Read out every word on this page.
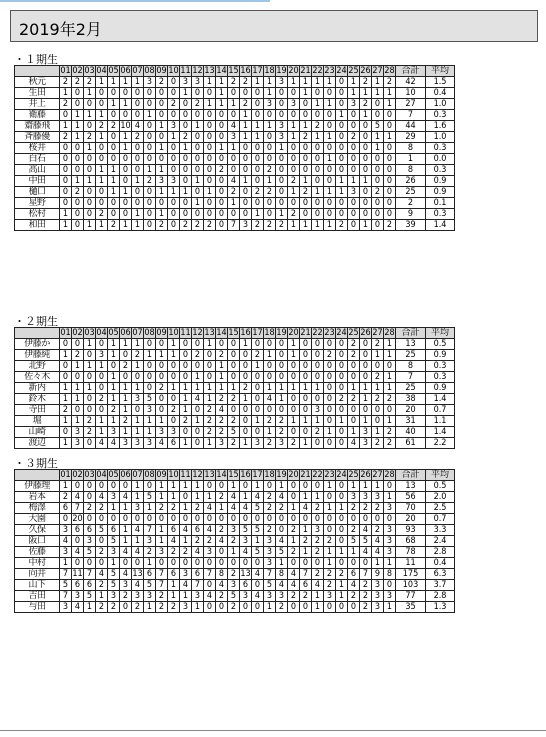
2019年2月
・１期生
	01	02	03	04	05	06	07	08	09	10	11	12	13	14	15	16	17	18	19	20	21	22	23	24	25	26	27	28	合計	平均
秋元	2	2	2	1	1	1	1	3	2	0	3	3	1	1	2	2	1	1	3	1	1	1	1	0	1	2	1	2	42	1.5
生田	1	0	1	0	0	0	0	0	0	0	1	0	0	1	0	0	0	1	0	0	1	0	0	0	1	1	1	1	10	0.4
井上	2	0	0	0	1	1	0	0	0	2	0	2	1	1	1	2	0	3	0	3	0	1	1	0	3	2	0	1	27	1.0
衛藤	0	1	1	1	0	0	0	1	0	0	0	0	0	0	0	1	0	0	0	0	0	0	0	1	0	1	0	0	7	0.3
齋藤飛	1	1	0	2	2	10	4	0	1	3	0	1	0	0	4	1	1	1	3	1	1	2	0	0	0	0	5	0	44	1.6
斉藤優	2	1	2	1	0	1	2	0	0	1	2	0	0	0	3	1	1	0	3	1	2	1	1	0	2	0	1	1	29	1.0
桜井	0	0	1	0	0	1	0	0	1	0	1	0	0	1	1	0	0	0	1	0	0	0	0	0	0	0	1	0	8	0.3
白石	0	0	0	0	0	0	0	0	0	0	0	0	0	0	0	0	0	0	0	0	0	0	1	0	0	0	0	0	1	0.0
高山	0	0	0	1	1	0	0	1	1	0	0	0	0	2	0	0	0	2	0	0	0	0	0	0	0	0	0	0	8	0.3
中田	0	1	1	1	1	0	1	2	3	3	0	1	0	0	4	1	0	1	0	2	1	0	0	1	1	1	0	0	26	0.9
樋口	0	2	0	0	1	1	0	0	1	1	1	0	1	0	2	0	2	2	0	1	2	1	1	1	3	0	2	0	25	0.9
星野	0	0	0	0	0	0	0	0	0	0	0	1	0	0	1	0	0	0	0	0	0	0	0	0	0	0	0	0	2	0.1
松村	1	0	0	2	0	0	1	0	1	0	0	0	0	0	0	0	1	0	1	2	0	0	0	0	0	0	0	0	9	0.3
和田	1	0	1	1	2	1	1	0	2	0	2	2	2	0	7	3	2	2	2	1	1	1	1	2	0	1	0	2	39	1.4
・２期生
	01	02	03	04	05	06	07	08	09	10	11	12	13	14	15	16	17	18	19	20	21	22	23	24	25	26	27	28	合計	平均
伊藤か	0	0	1	0	1	1	1	0	0	1	0	0	1	0	0	1	0	0	0	1	0	0	0	0	2	0	2	1	13	0.5
伊藤純	1	2	0	3	1	0	2	1	1	1	0	2	0	2	0	0	2	1	0	1	0	0	2	0	2	0	1	1	25	0.9
北野	0	1	1	1	0	2	1	0	0	0	0	0	0	1	0	0	1	0	0	0	0	0	0	0	0	0	0	0	8	0.3
佐々木	0	0	0	0	1	0	0	0	0	0	0	1	0	1	0	0	0	0	0	0	0	0	0	0	0	0	2	1	7	0.3
新内	1	1	1	0	1	1	1	0	2	1	1	1	1	1	1	2	0	1	1	1	1	1	0	0	1	1	1	1	25	0.9
鈴木	1	1	0	2	1	1	3	5	0	0	1	4	1	2	2	1	0	4	1	0	0	0	0	2	2	1	2	2	38	1.4
寺田	2	0	0	0	2	1	0	3	0	2	1	0	2	4	0	0	0	0	0	0	0	3	0	0	0	0	0	0	20	0.7
堀	1	1	2	1	1	2	1	1	1	0	2	1	2	2	2	0	1	2	2	1	1	1	0	1	0	1	0	1	31	1.1
山崎	0	3	2	1	3	1	1	1	3	3	0	0	2	2	5	0	0	1	2	0	0	2	1	0	1	3	1	2	40	1.4
渡辺	1	3	0	4	4	3	3	3	4	6	1	0	1	3	2	1	3	2	3	2	1	0	0	0	4	3	2	2	61	2.2
・３期生
	01	02	03	04	05	06	07	08	09	10	11	12	13	14	15	16	17	18	19	20	21	22	23	24	25	26	27	28	合計	平均
伊藤理	1	0	0	0	0	0	1	0	1	1	1	1	0	0	1	0	1	0	1	0	0	0	1	0	1	1	1	0	13	0.5
岩本	2	4	0	4	3	4	1	5	1	1	0	1	1	2	4	1	4	2	4	0	1	1	0	0	3	3	3	1	56	2.0
梅澤	6	7	2	2	1	1	3	1	2	2	1	2	4	1	4	4	5	2	2	1	4	2	1	1	2	2	2	3	70	2.5
大園	0	20	0	0	0	0	0	0	0	0	0	0	0	0	0	0	0	0	0	0	0	0	0	0	0	0	0	0	20	0.7
久保	3	6	6	5	6	1	4	7	1	6	4	6	4	2	3	5	5	2	0	2	1	3	0	0	2	4	2	3	93	3.3
阪口	4	0	3	0	5	1	1	3	1	4	1	2	2	4	2	3	1	3	4	1	2	2	2	0	5	5	4	3	68	2.4
佐藤	3	4	5	2	3	4	4	2	3	2	2	4	3	0	1	4	5	3	5	2	1	2	1	1	1	4	4	3	78	2.8
中村	1	0	0	0	1	0	0	1	0	0	0	0	0	0	0	0	0	3	1	0	0	0	1	0	0	0	1	1	11	0.4
向井	7	11	7	4	5	4	13	6	7	6	3	6	7	8	2	13	4	7	8	4	7	2	2	2	6	7	9	8	175	6.3
山下	5	6	6	2	5	3	4	5	7	1	4	7	0	4	3	6	0	5	4	4	6	4	2	1	4	2	3	0	103	3.7
吉田	7	3	5	1	3	2	3	3	2	1	1	3	4	2	5	3	4	3	3	2	2	1	3	1	2	2	3	3	77	2.8
与田	3	4	1	2	2	0	2	1	2	2	3	1	0	0	2	0	0	1	2	0	0	1	0	0	0	2	3	1	35	1.3
